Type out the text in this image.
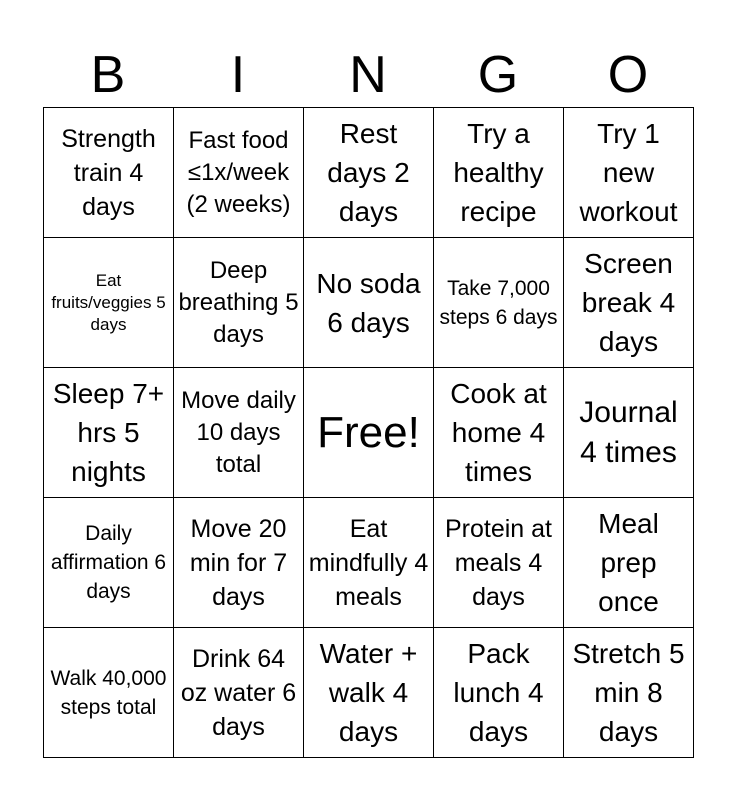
B	I	N	G	O
Strength train 4 days	Fast food ≤1x/week (2 weeks)	Rest days 2 days	Try a healthy recipe	Try 1 new workout
Eat fruits/veggies 5 days	Deep breathing 5 days	No soda 6 days	Take 7,000 steps 6 days	Screen break 4 days
Sleep 7+ hrs 5 nights	Move daily 10 days total	Free!	Cook at home 4 times	Journal 4 times
Daily affirmation 6 days	Move 20 min for 7 days	Eat mindfully 4 meals	Protein at meals 4 days	Meal prep once
Walk 40,000 steps total	Drink 64 oz water 6 days	Water + walk 4 days	Pack lunch 4 days	Stretch 5 min 8 days
